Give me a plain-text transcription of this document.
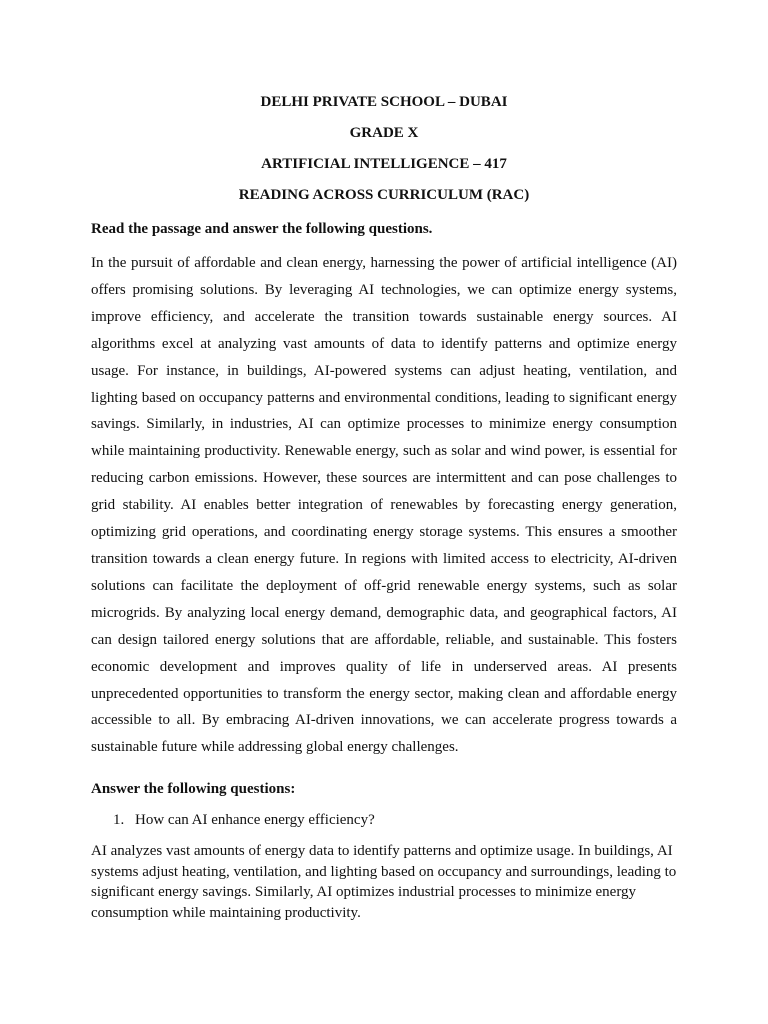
DELHI PRIVATE SCHOOL – DUBAI
GRADE X
ARTIFICIAL INTELLIGENCE – 417
READING ACROSS CURRICULUM (RAC)

Read the passage and answer the following questions.

In the pursuit of affordable and clean energy, harnessing the power of artificial intelligence (AI) offers promising solutions. By leveraging AI technologies, we can optimize energy systems, improve efficiency, and accelerate the transition towards sustainable energy sources. AI algorithms excel at analyzing vast amounts of data to identify patterns and optimize energy usage. For instance, in buildings, AI-powered systems can adjust heating, ventilation, and lighting based on occupancy patterns and environmental conditions, leading to significant energy savings. Similarly, in industries, AI can optimize processes to minimize energy consumption while maintaining productivity. Renewable energy, such as solar and wind power, is essential for reducing carbon emissions. However, these sources are intermittent and can pose challenges to grid stability. AI enables better integration of renewables by forecasting energy generation, optimizing grid operations, and coordinating energy storage systems. This ensures a smoother transition towards a clean energy future. In regions with limited access to electricity, AI-driven solutions can facilitate the deployment of off-grid renewable energy systems, such as solar microgrids. By analyzing local energy demand, demographic data, and geographical factors, AI can design tailored energy solutions that are affordable, reliable, and sustainable. This fosters economic development and improves quality of life in underserved areas. AI presents unprecedented opportunities to transform the energy sector, making clean and affordable energy accessible to all. By embracing AI-driven innovations, we can accelerate progress towards a sustainable future while addressing global energy challenges.

Answer the following questions:

1. How can AI enhance energy efficiency?

AI analyzes vast amounts of energy data to identify patterns and optimize usage. In buildings, AI systems adjust heating, ventilation, and lighting based on occupancy and surroundings, leading to significant energy savings. Similarly, AI optimizes industrial processes to minimize energy consumption while maintaining productivity.
